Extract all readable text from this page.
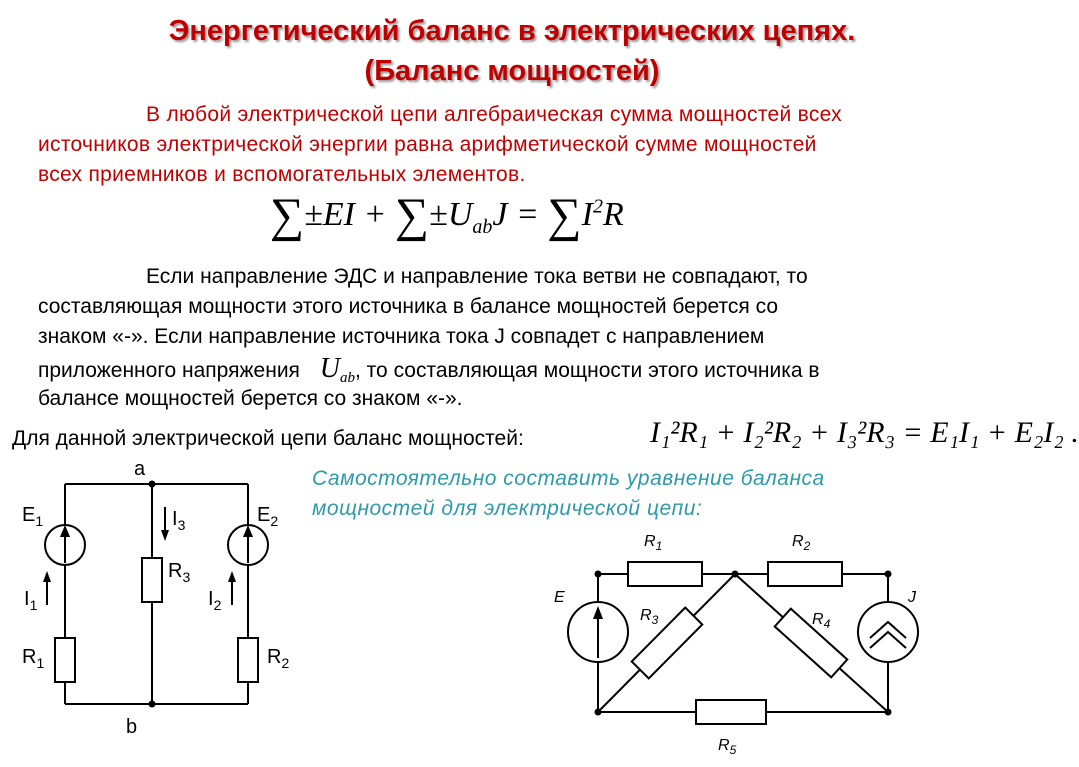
Энергетический баланс в электрических цепях.
(Баланс мощностей)
В любой электрической цепи алгебраическая сумма мощностей всех
источников электрической энергии равна арифметической сумме мощностей
всех приемников и вспомогательных элементов.
$\sum\pm EI + \sum\pm U_{ab}J = \sum I^2R$
Если направление ЭДС и направление тока ветви не совпадают, то
составляющая мощности этого источника в балансе мощностей берется со
знаком «-». Если направление источника тока J совпадет с направлением
приложенного напряжения $U_{ab}$, то составляющая мощности этого источника в
балансе мощностей берется со знаком «-».
Для данной электрической цепи баланс мощностей:	I₁²R₁ + I₂²R₂ + I₃²R₃ = E₁I₁ + E₂I₂ .
Самостоятельно составить уравнение баланса
мощностей для электрической цепи:
a
b
$E_1$	$E_2$
$I_1$	$I_2$
$I_3$
$R_1$
$R_3$
$R_2$
$R_1$	$R_2$
$R_3$	$R_4$
$R_5$
E	J
